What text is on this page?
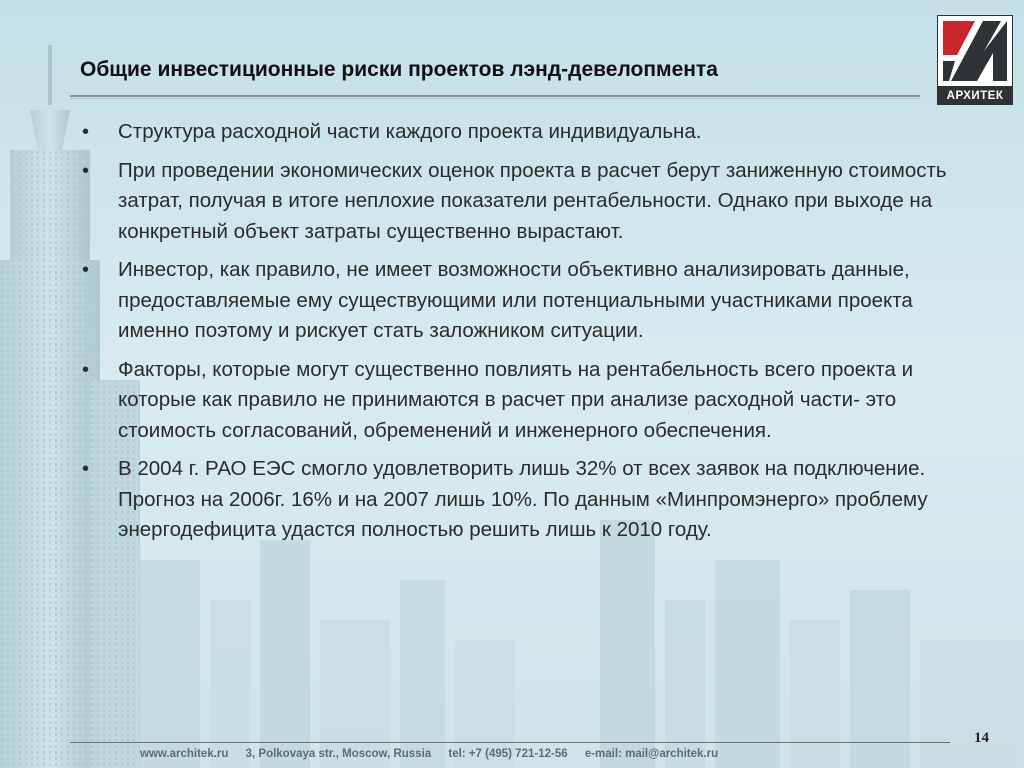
АРХИТЕК
Общие инвестиционные риски проектов лэнд-девелопмента
• Структура расходной части каждого проекта индивидуальна.
• При проведении экономических оценок проекта в расчет берут заниженную стоимость затрат, получая в итоге неплохие показатели рентабельности. Однако при выходе на конкретный объект затраты существенно вырастают.
• Инвестор, как правило, не имеет возможности объективно анализировать данные, предоставляемые ему существующими или потенциальными участниками проекта именно поэтому и рискует стать заложником ситуации.
• Факторы, которые могут существенно повлиять на рентабельность всего проекта и которые как правило не принимаются в расчет при анализе расходной части- это стоимость согласований, обременений и инженерного обеспечения.
• В 2004 г. РАО ЕЭС смогло удовлетворить лишь 32% от всех заявок на подключение. Прогноз на 2006г. 16% и на 2007 лишь 10%. По данным «Минпромэнерго» проблему энергодефицита удастся полностью решить лишь к 2010 году.
www.architek.ru 3, Polkovaya str., Moscow, Russia tel: +7 (495) 721-12-56 e-mail: mail@architek.ru
14
